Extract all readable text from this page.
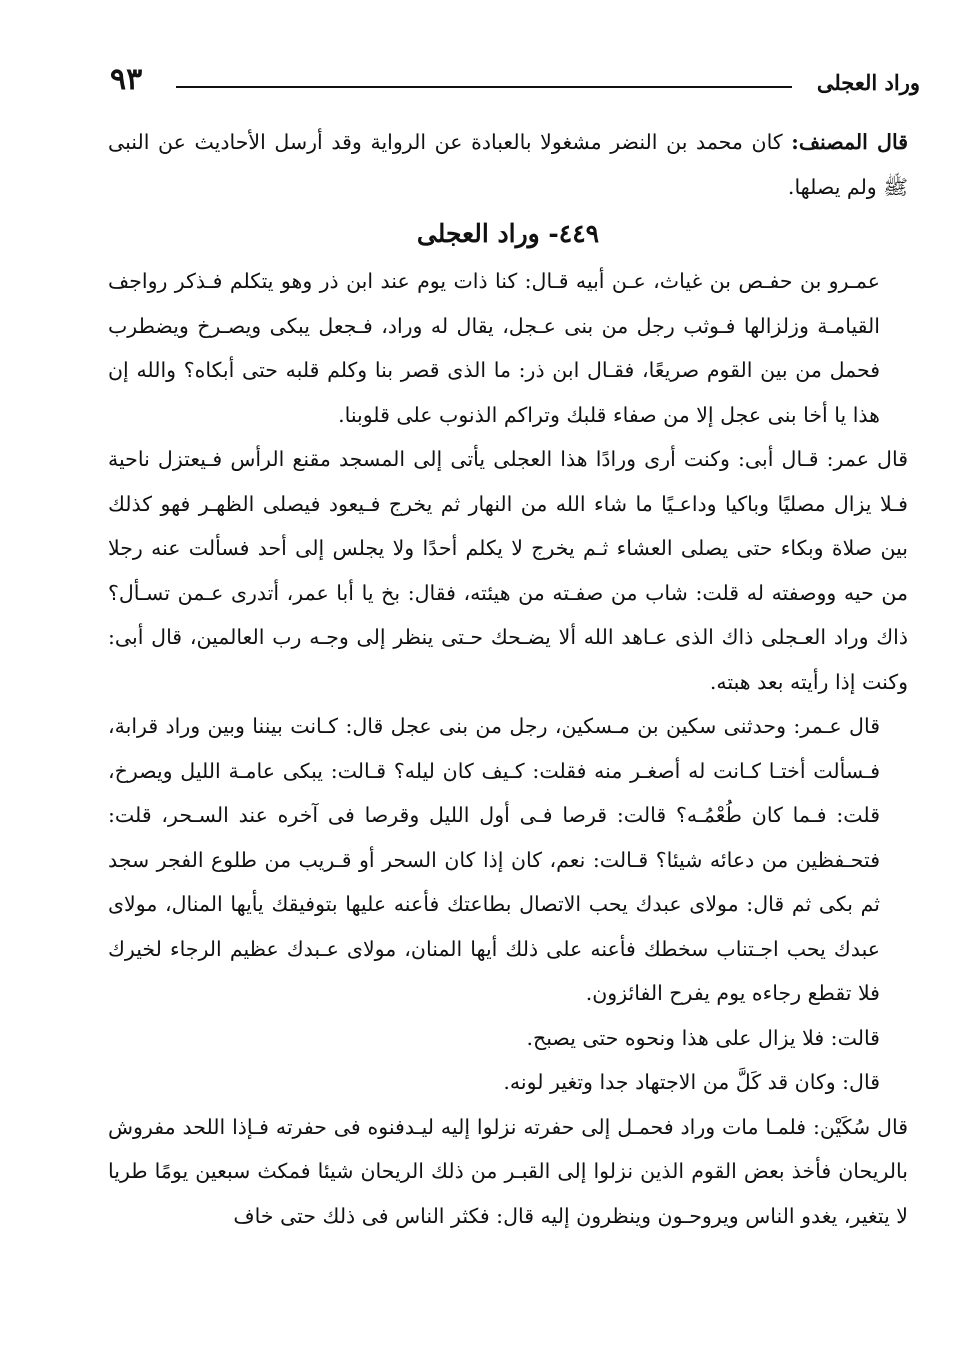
وراد العجلى
٩٣

قال المصنف: كان محمد بن النضر مشغولا بالعبادة عن الرواية وقد أرسل الأحاديث عن النبى ﷺ ولم يصلها.

٤٤٩- وراد العجلى

عمـرو بن حفـص بن غياث، عـن أبيه قـال: كنا ذات يوم عند ابن ذر وهو يتكلم فـذكر رواجف القيامـة وزلزالها فـوثب رجل من بنى عـجل، يقال له وراد، فـجعل يبكى ويصـرخ ويضطرب فحمل من بين القوم صريعًا، فقـال ابن ذر: ما الذى قصر بنا وكلم قلبه حتى أبكاه؟ والله إن هذا يا أخا بنى عجل إلا من صفاء قلبك وتراكم الذنوب على قلوبنا.

قال عمر: قـال أبى: وكنت أرى ورادًا هذا العجلى يأتى إلى المسجد مقنع الرأس فـيعتزل ناحية فـلا يزال مصليًا وباكيا وداعـيًا ما شاء الله من النهار ثم يخرج فـيعود فيصلى الظهـر فهو كذلك بين صلاة وبكاء حتى يصلى العشاء ثـم يخرج لا يكلم أحدًا ولا يجلس إلى أحد فسألت عنه رجلا من حيه ووصفته له قلت: شاب من صفـته من هيئته، فقال: بخ يا أبا عمر، أتدرى عـمن تسـأل؟ ذاك وراد العـجلى ذاك الذى عـاهد الله ألا يضـحك حـتى ينظر إلى وجـه رب العالمين، قال أبى: وكنت إذا رأيته بعد هبته.

قال عـمر: وحدثنى سكين بن مـسكين، رجل من بنى عجل قال: كـانت بيننا وبين وراد قرابة، فـسألت أختـا كـانت له أصغـر منه فقلت: كـيف كان ليله؟ قـالت: يبكى عامـة الليل ويصرخ، قلت: فـما كان طُعْمُـه؟ قالت: قرصا فـى أول الليل وقرصا فى آخره عند السـحر، قلت: فتحـفظين من دعائه شيئا؟ قـالت: نعم، كان إذا كان السحر أو قـريب من طلوع الفجر سجد ثم بكى ثم قال: مولاى عبدك يحب الاتصال بطاعتك فأعنه عليها بتوفيقك يأيها المنال، مولاى عبدك يحب اجـتناب سخطك فأعنه على ذلك أيها المنان، مولاى عـبدك عظيم الرجاء لخيرك فلا تقطع رجاءه يوم يفرح الفائزون.

قالت: فلا يزال على هذا ونحوه حتى يصبح.

قال: وكان قد كَلَّ من الاجتهاد جدا وتغير لونه.

قال سُكَيْن: فلمـا مات وراد فحمـل إلى حفرته نزلوا إليه ليـدفنوه فى حفرته فـإذا اللحد مفروش بالريحان فأخذ بعض القوم الذين نزلوا إلى القبـر من ذلك الريحان شيئا فمكث سبعين يومًا طريا لا يتغير، يغدو الناس ويروحـون وينظرون إليه قال: فكثر الناس فى ذلك حتى خاف
